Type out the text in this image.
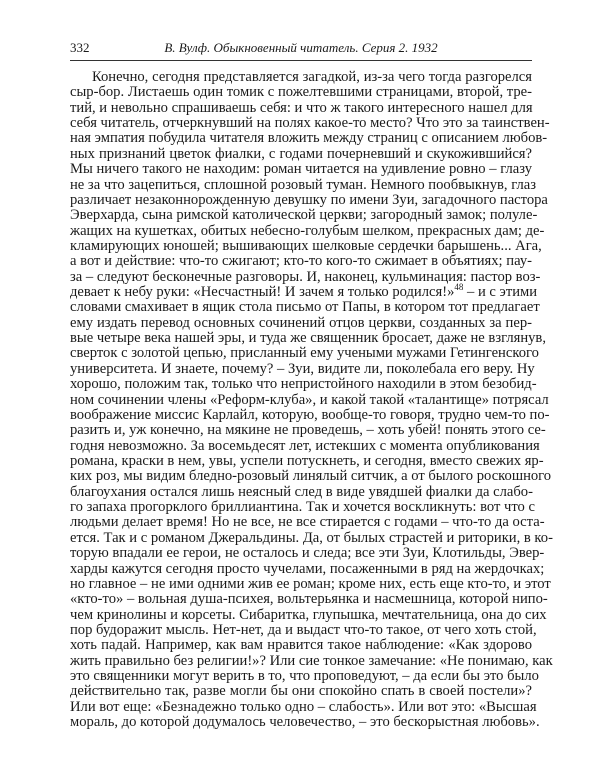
332	В. Вулф. Обыкновенный читатель. Серия 2. 1932
Конечно, сегодня представляется загадкой, из-за чего тогда разгорелся
сыр-бор. Листаешь один томик с пожелтевшими страницами, второй, тре-
тий, и невольно спрашиваешь себя: и что ж такого интересного нашел для
себя читатель, отчеркнувший на полях какое-то место? Что это за таинствен-
ная эмпатия побудила читателя вложить между страниц с описанием любов-
ных признаний цветок фиалки, с годами почерневший и скукожившийся?
Мы ничего такого не находим: роман читается на удивление ровно – глазу
не за что зацепиться, сплошной розовый туман. Немного пообвыкнув, глаз
различает незаконнорожденную девушку по имени Зуи, загадочного пастора
Эверхарда, сына римской католической церкви; загородный замок; полуле-
жащих на кушетках, обитых небесно-голубым шелком, прекрасных дам; де-
кламирующих юношей; вышивающих шелковые сердечки барышень... Ага,
а вот и действие: что-то сжигают; кто-то кого-то сжимает в объятиях; пау-
за – следуют бесконечные разговоры. И, наконец, кульминация: пастор воз-
девает к небу руки: «Несчастный! И зачем я только родился!»$^{48}$ – и с этими
словами смахивает в ящик стола письмо от Папы, в котором тот предлагает
ему издать перевод основных сочинений отцов церкви, созданных за пер-
вые четыре века нашей эры, и туда же священник бросает, даже не взглянув,
сверток с золотой цепью, присланный ему учеными мужами Гетингенского
университета. И знаете, почему? – Зуи, видите ли, поколебала его веру. Ну
хорошо, положим так, только что непристойного находили в этом безобид-
ном сочинении члены «Реформ-клуба», и какой такой «талантище» потрясал
воображение миссис Карлайл, которую, вообще-то говоря, трудно чем-то по-
разить и, уж конечно, на мякине не проведешь, – хоть убей! понять этого се-
годня невозможно. За восемьдесят лет, истекших с момента опубликования
романа, краски в нем, увы, успели потускнеть, и сегодня, вместо свежих яр-
ких роз, мы видим бледно-розовый линялый ситчик, а от былого роскошного
благоухания остался лишь неясный след в виде увядшей фиалки да слабо-
го запаха прогорклого бриллиантина. Так и хочется воскликнуть: вот что с
людьми делает время! Но не все, не все стирается с годами – что-то да оста-
ется. Так и с романом Джеральдины. Да, от былых страстей и риторики, в ко-
торую впадали ее герои, не осталось и следа; все эти Зуи, Клотильды, Эвер-
харды кажутся сегодня просто чучелами, посаженными в ряд на жердочках;
но главное – не ими одними жив ее роман; кроме них, есть еще кто-то, и этот
«кто-то» – вольная душа-психея, вольтерьянка и насмешница, которой нипо-
чем кринолины и корсеты. Сибаритка, глупышка, мечтательница, она до сих
пор будоражит мысль. Нет-нет, да и выдаст что-то такое, от чего хоть стой,
хоть падай. Например, как вам нравится такое наблюдение: «Как здорово
жить правильно без религии!»? Или сие тонкое замечание: «Не понимаю, как
это священники могут верить в то, что проповедуют, – да если бы это было
действительно так, разве могли бы они спокойно спать в своей постели»?
Или вот еще: «Безнадежно только одно – слабость». Или вот это: «Высшая
мораль, до которой додумалось человечество, – это бескорыстная любовь».
